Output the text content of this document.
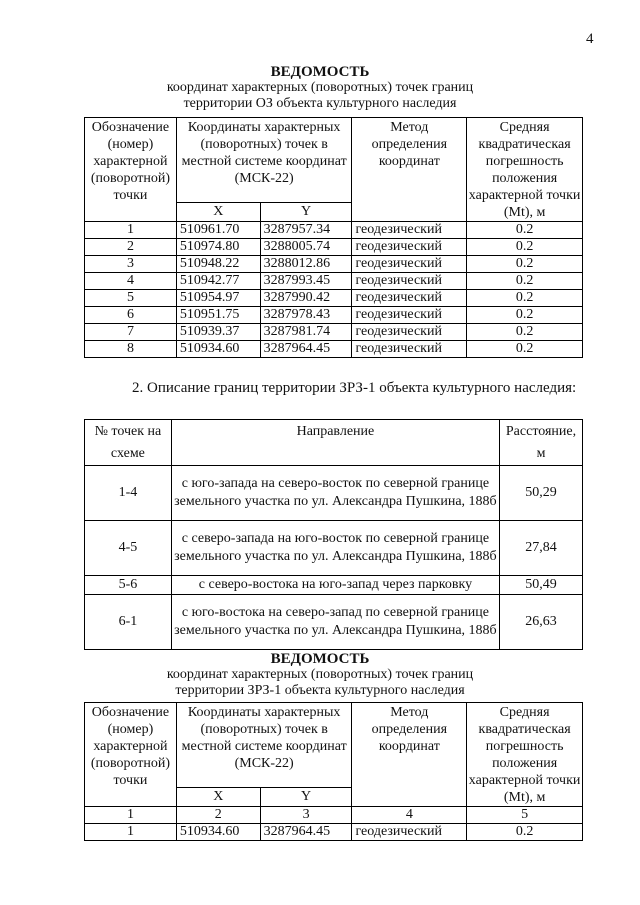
4
ВЕДОМОСТЬ
координат характерных (поворотных) точек границ
территории ОЗ объекта культурного наследия
Обозначение (номер) характерной (поворотной) точки	Координаты характерных (поворотных) точек в местной системе координат (МСК-22)		Метод определения координат	Средняя квадратическая погрешность положения характерной точки (Mt), м
	X	Y		
1	510961.70	3287957.34	геодезический	0.2
2	510974.80	3288005.74	геодезический	0.2
3	510948.22	3288012.86	геодезический	0.2
4	510942.77	3287993.45	геодезический	0.2
5	510954.97	3287990.42	геодезический	0.2
6	510951.75	3287978.43	геодезический	0.2
7	510939.37	3287981.74	геодезический	0.2
8	510934.60	3287964.45	геодезический	0.2
2. Описание границ территории ЗРЗ-1 объекта культурного наследия:
№ точек на схеме	Направление	Расстояние, м
1-4	с юго-запада на северо-восток по северной границе земельного участка по ул. Александра Пушкина, 188б	50,29
4-5	с северо-запада на юго-восток по северной границе земельного участка по ул. Александра Пушкина, 188б	27,84
5-6	с северо-востока на юго-запад через парковку	50,49
6-1	с юго-востока на северо-запад по северной границе земельного участка по ул. Александра Пушкина, 188б	26,63
ВЕДОМОСТЬ
координат характерных (поворотных) точек границ
территории ЗРЗ-1 объекта культурного наследия
Обозначение (номер) характерной (поворотной) точки	Координаты характерных (поворотных) точек в местной системе координат (МСК-22)		Метод определения координат	Средняя квадратическая погрешность положения характерной точки (Mt), м
	X	Y		
1	2	3	4	5
1	510934.60	3287964.45	геодезический	0.2
